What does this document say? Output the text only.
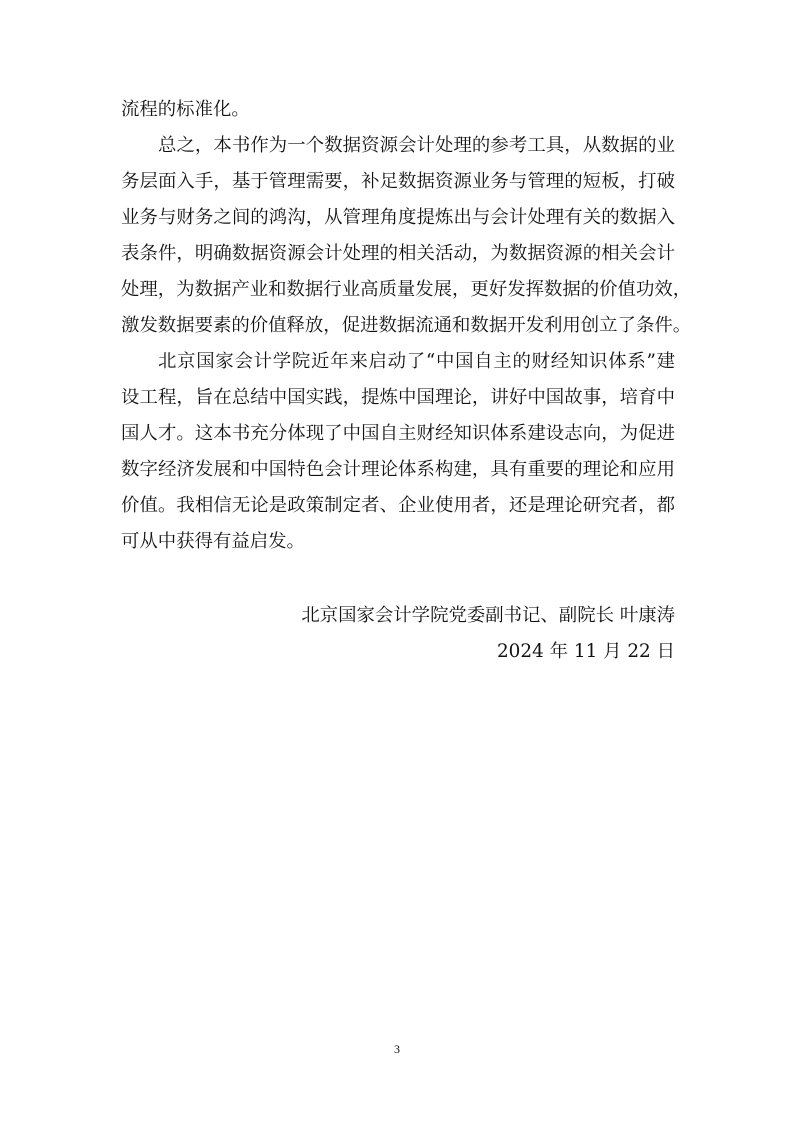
流程的标准化。
总之，本书作为一个数据资源会计处理的参考工具，从数据的业
务层面入手，基于管理需要，补足数据资源业务与管理的短板，打破
业务与财务之间的鸿沟，从管理角度提炼出与会计处理有关的数据入
表条件，明确数据资源会计处理的相关活动，为数据资源的相关会计
处理，为数据产业和数据行业高质量发展，更好发挥数据的价值功效，
激发数据要素的价值释放，促进数据流通和数据开发利用创立了条件。
北京国家会计学院近年来启动了“中国自主的财经知识体系”建
设工程，旨在总结中国实践，提炼中国理论，讲好中国故事，培育中
国人才。这本书充分体现了中国自主财经知识体系建设志向，为促进
数字经济发展和中国特色会计理论体系构建，具有重要的理论和应用
价值。我相信无论是政策制定者、企业使用者，还是理论研究者，都
可从中获得有益启发。
北京国家会计学院党委副书记、副院长 叶康涛
2024 年 11 月 22 日
3
